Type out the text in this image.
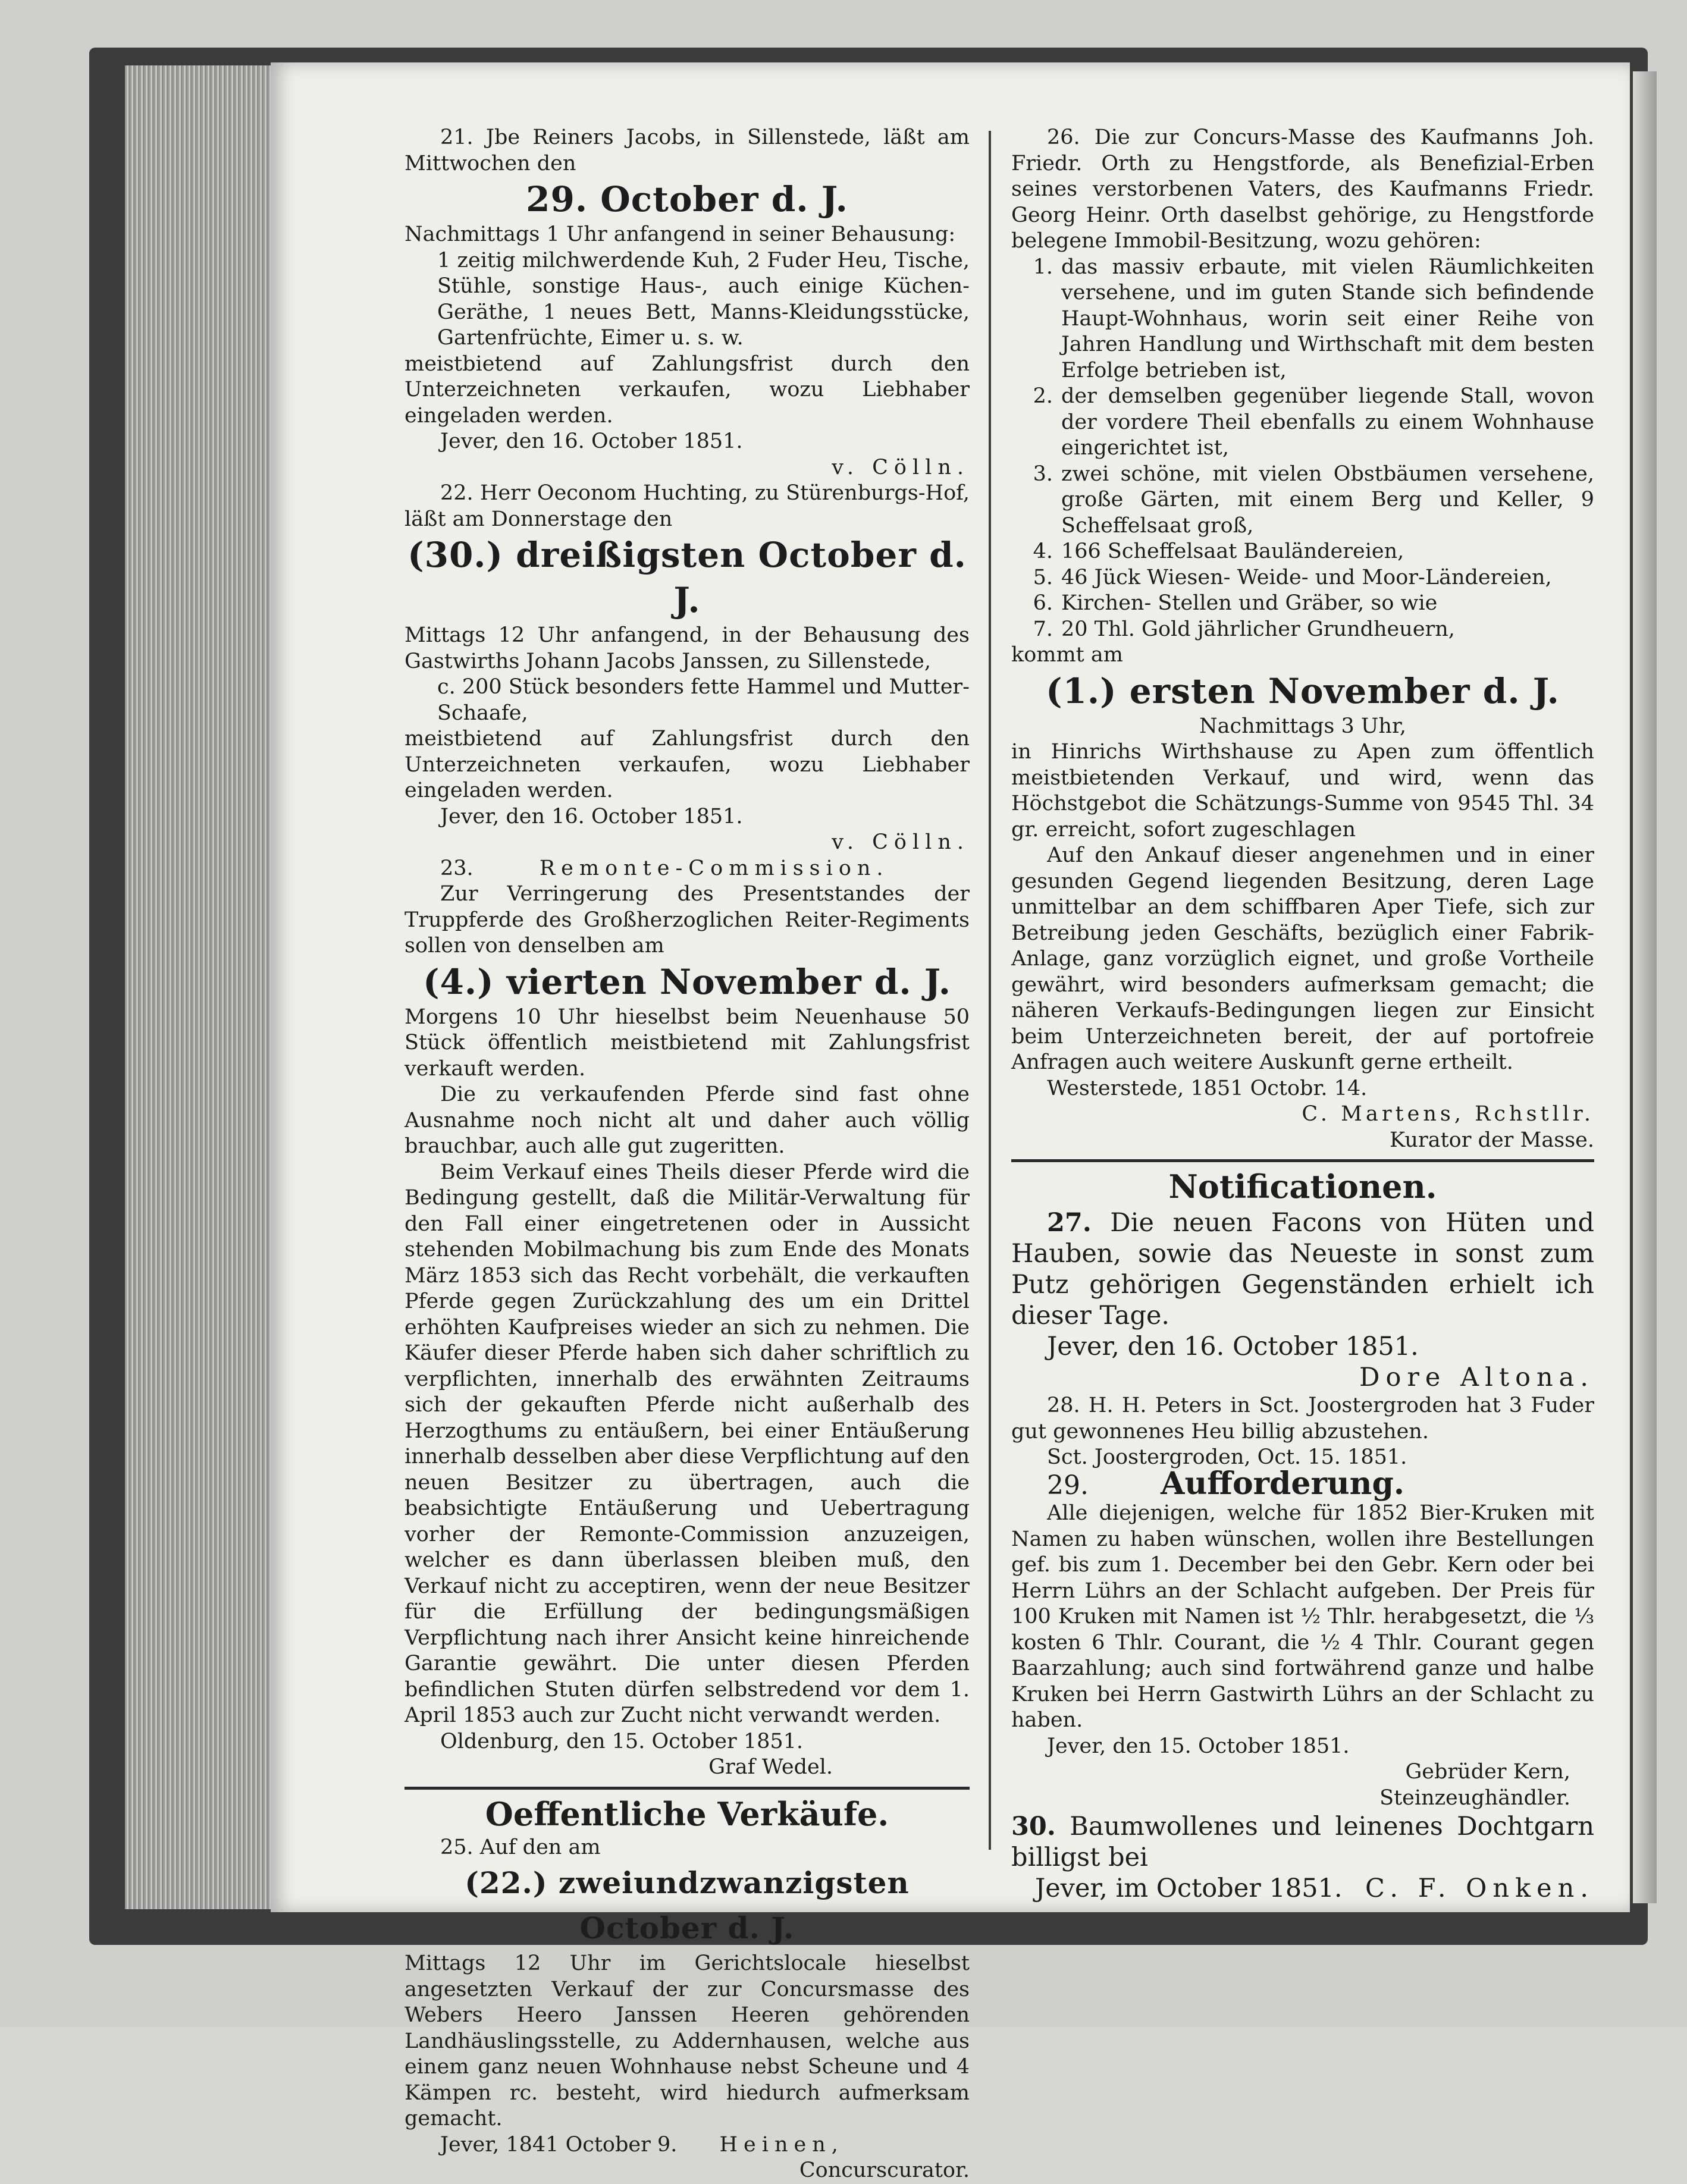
21. Jbe Reiners Jacobs, in Sillenstede, läßt am Mittwochen den

29. October d. J.

Nachmittags 1 Uhr anfangend in seiner Behausung:

1 zeitig milchwerdende Kuh, 2 Fuder Heu, Tische, Stühle, sonstige Haus-, auch einige Küchen-Geräthe, 1 neues Bett, Manns-Kleidungsstücke, Gartenfrüchte, Eimer u. s. w.

meistbietend auf Zahlungsfrist durch den Unterzeichneten verkaufen, wozu Liebhaber eingeladen werden.

Jever, den 16. October 1851.

v. Cölln.

22. Herr Oeconom Huchting, zu Stürenburgs-Hof, läßt am Donnerstage den

(30.) dreißigsten October d. J.

Mittags 12 Uhr anfangend, in der Behausung des Gastwirths Johann Jacobs Janssen, zu Sillenstede,

c. 200 Stück besonders fette Hammel und Mutter-Schaafe,

meistbietend auf Zahlungsfrist durch den Unterzeichneten verkaufen, wozu Liebhaber eingeladen werden.

Jever, den 16. October 1851.

v. Cölln.

23.	Remonte-Commission.

Zur Verringerung des Presentstandes der Truppferde des Großherzoglichen Reiter-Regiments sollen von denselben am

(4.) vierten November d. J.

Morgens 10 Uhr hieselbst beim Neuenhause 50 Stück öffentlich meistbietend mit Zahlungsfrist verkauft werden.

Die zu verkaufenden Pferde sind fast ohne Ausnahme noch nicht alt und daher auch völlig brauchbar, auch alle gut zugeritten.

Beim Verkauf eines Theils dieser Pferde wird die Bedingung gestellt, daß die Militär-Verwaltung für den Fall einer eingetretenen oder in Aussicht stehenden Mobilmachung bis zum Ende des Monats März 1853 sich das Recht vorbehält, die verkauften Pferde gegen Zurückzahlung des um ein Drittel erhöhten Kaufpreises wieder an sich zu nehmen. Die Käufer dieser Pferde haben sich daher schriftlich zu verpflichten, innerhalb des erwähnten Zeitraums sich der gekauften Pferde nicht außerhalb des Herzogthums zu entäußern, bei einer Entäußerung innerhalb desselben aber diese Verpflichtung auf den neuen Besitzer zu übertragen, auch die beabsichtigte Entäußerung und Uebertragung vorher der Remonte-Commission anzuzeigen, welcher es dann überlassen bleiben muß, den Verkauf nicht zu acceptiren, wenn der neue Besitzer für die Erfüllung der bedingungsmäßigen Verpflichtung nach ihrer Ansicht keine hinreichende Garantie gewährt. Die unter diesen Pferden befindlichen Stuten dürfen selbstredend vor dem 1. April 1853 auch zur Zucht nicht verwandt werden.

Oldenburg, den 15. October 1851.

Graf Wedel.

Oeffentliche Verkäufe.

25. Auf den am

(22.) zweiundzwanzigsten October d. J.

Mittags 12 Uhr im Gerichtslocale hieselbst angesetzten Verkauf der zur Concursmasse des Webers Heero Janssen Heeren gehörenden Landhäuslingsstelle, zu Addernhausen, welche aus einem ganz neuen Wohnhause nebst Scheune und 4 Kämpen rc. besteht, wird hiedurch aufmerksam gemacht.

Jever, 1841 October 9. Heinen,

Concurscurator.

26. Die zur Concurs-Masse des Kaufmanns Joh. Friedr. Orth zu Hengstforde, als Benefizial-Erben seines verstorbenen Vaters, des Kaufmanns Friedr. Georg Heinr. Orth daselbst gehörige, zu Hengstforde belegene Immobil-Besitzung, wozu gehören:

1. das massiv erbaute, mit vielen Räumlichkeiten versehene, und im guten Stande sich befindende Haupt-Wohnhaus, worin seit einer Reihe von Jahren Handlung und Wirthschaft mit dem besten Erfolge betrieben ist,
2. der demselben gegenüber liegende Stall, wovon der vordere Theil ebenfalls zu einem Wohnhause eingerichtet ist,
3. zwei schöne, mit vielen Obstbäumen versehene, große Gärten, mit einem Berg und Keller, 9 Scheffelsaat groß,
4. 166 Scheffelsaat Bauländereien,
5. 46 Jück Wiesen- Weide- und Moor-Ländereien,
6. Kirchen- Stellen und Gräber, so wie
7. 20 Thl. Gold jährlicher Grundheuern,

kommt am

(1.) ersten November d. J.

Nachmittags 3 Uhr,

in Hinrichs Wirthshause zu Apen zum öffentlich meistbietenden Verkauf, und wird, wenn das Höchstgebot die Schätzungs-Summe von 9545 Thl. 34 gr. erreicht, sofort zugeschlagen

Auf den Ankauf dieser angenehmen und in einer gesunden Gegend liegenden Besitzung, deren Lage unmittelbar an dem schiffbaren Aper Tiefe, sich zur Betreibung jeden Geschäfts, bezüglich einer Fabrik-Anlage, ganz vorzüglich eignet, und große Vortheile gewährt, wird besonders aufmerksam gemacht; die näheren Verkaufs-Bedingungen liegen zur Einsicht beim Unterzeichneten bereit, der auf portofreie Anfragen auch weitere Auskunft gerne ertheilt.

Westerstede, 1851 Octobr. 14.

C. Martens, Rchstllr.

Kurator der Masse.

Notificationen.

27. Die neuen Facons von Hüten und Hauben, sowie das Neueste in sonst zum Putz gehörigen Gegenständen erhielt ich dieser Tage.

Jever, den 16. October 1851.

Dore Altona.

28. H. H. Peters in Sct. Joostergroden hat 3 Fuder gut gewonnenes Heu billig abzustehen.

Sct. Joostergroden, Oct. 15. 1851.

29. Aufforderung.

Alle diejenigen, welche für 1852 Bier-Kruken mit Namen zu haben wünschen, wollen ihre Bestellungen gef. bis zum 1. December bei den Gebr. Kern oder bei Herrn Lührs an der Schlacht aufgeben. Der Preis für 100 Kruken mit Namen ist ½ Thlr. herabgesetzt, die ⅓ kosten 6 Thlr. Courant, die ½ 4 Thlr. Courant gegen Baarzahlung; auch sind fortwährend ganze und halbe Kruken bei Herrn Gastwirth Lührs an der Schlacht zu haben.

Jever, den 15. October 1851.

Gebrüder Kern,

Steinzeughändler.

30. Baumwollenes und leinenes Dochtgarn billigst bei

Jever, im October 1851. C. F. Onken.
